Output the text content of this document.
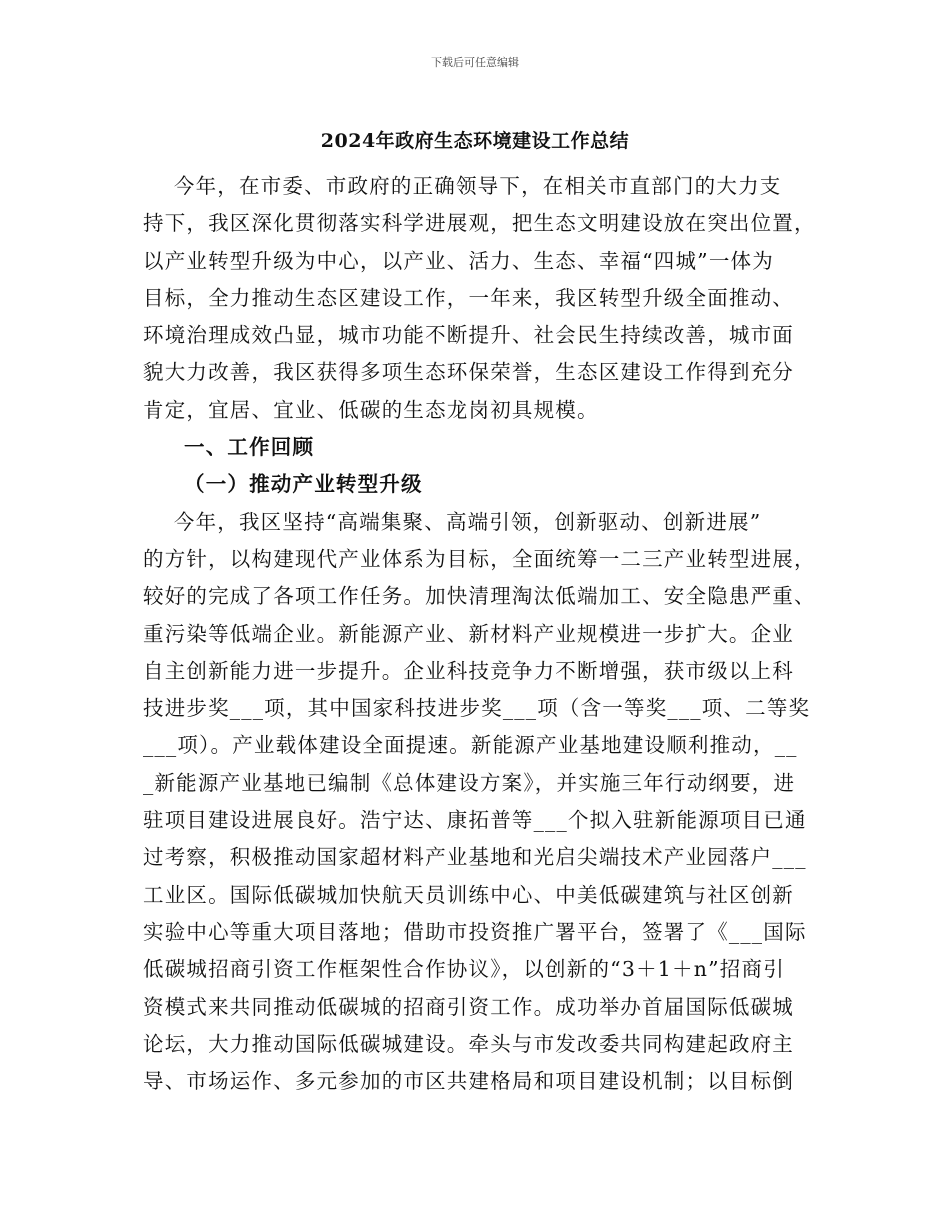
下载后可任意编辑
2024年政府生态环境建设工作总结
今年，在市委、市政府的正确领导下，在相关市直部门的大力支
持下，我区深化贯彻落实科学进展观，把生态文明建设放在突出位置，
以产业转型升级为中心，以产业、活力、生态、幸福“四城”一体为
目标，全力推动生态区建设工作，一年来，我区转型升级全面推动、
环境治理成效凸显，城市功能不断提升、社会民生持续改善，城市面
貌大力改善，我区获得多项生态环保荣誉，生态区建设工作得到充分
肯定，宜居、宜业、低碳的生态龙岗初具规模。
一、工作回顾
（一）推动产业转型升级
今年，我区坚持“高端集聚、高端引领，创新驱动、创新进展”
的方针，以构建现代产业体系为目标，全面统筹一二三产业转型进展，
较好的完成了各项工作任务。加快清理淘汰低端加工、安全隐患严重、
重污染等低端企业。新能源产业、新材料产业规模进一步扩大。企业
自主创新能力进一步提升。企业科技竞争力不断增强，获市级以上科
技进步奖___项，其中国家科技进步奖___项（含一等奖___项、二等奖
___项）。产业载体建设全面提速。新能源产业基地建设顺利推动，__
_新能源产业基地已编制《总体建设方案》，并实施三年行动纲要，进
驻项目建设进展良好。浩宁达、康拓普等___个拟入驻新能源项目已通
过考察，积极推动国家超材料产业基地和光启尖端技术产业园落户___
工业区。国际低碳城加快航天员训练中心、中美低碳建筑与社区创新
实验中心等重大项目落地；借助市投资推广署平台，签署了《___国际
低碳城招商引资工作框架性合作协议》，以创新的“3＋1＋n”招商引
资模式来共同推动低碳城的招商引资工作。成功举办首届国际低碳城
论坛，大力推动国际低碳城建设。牵头与市发改委共同构建起政府主
导、市场运作、多元参加的市区共建格局和项目建设机制；以目标倒
